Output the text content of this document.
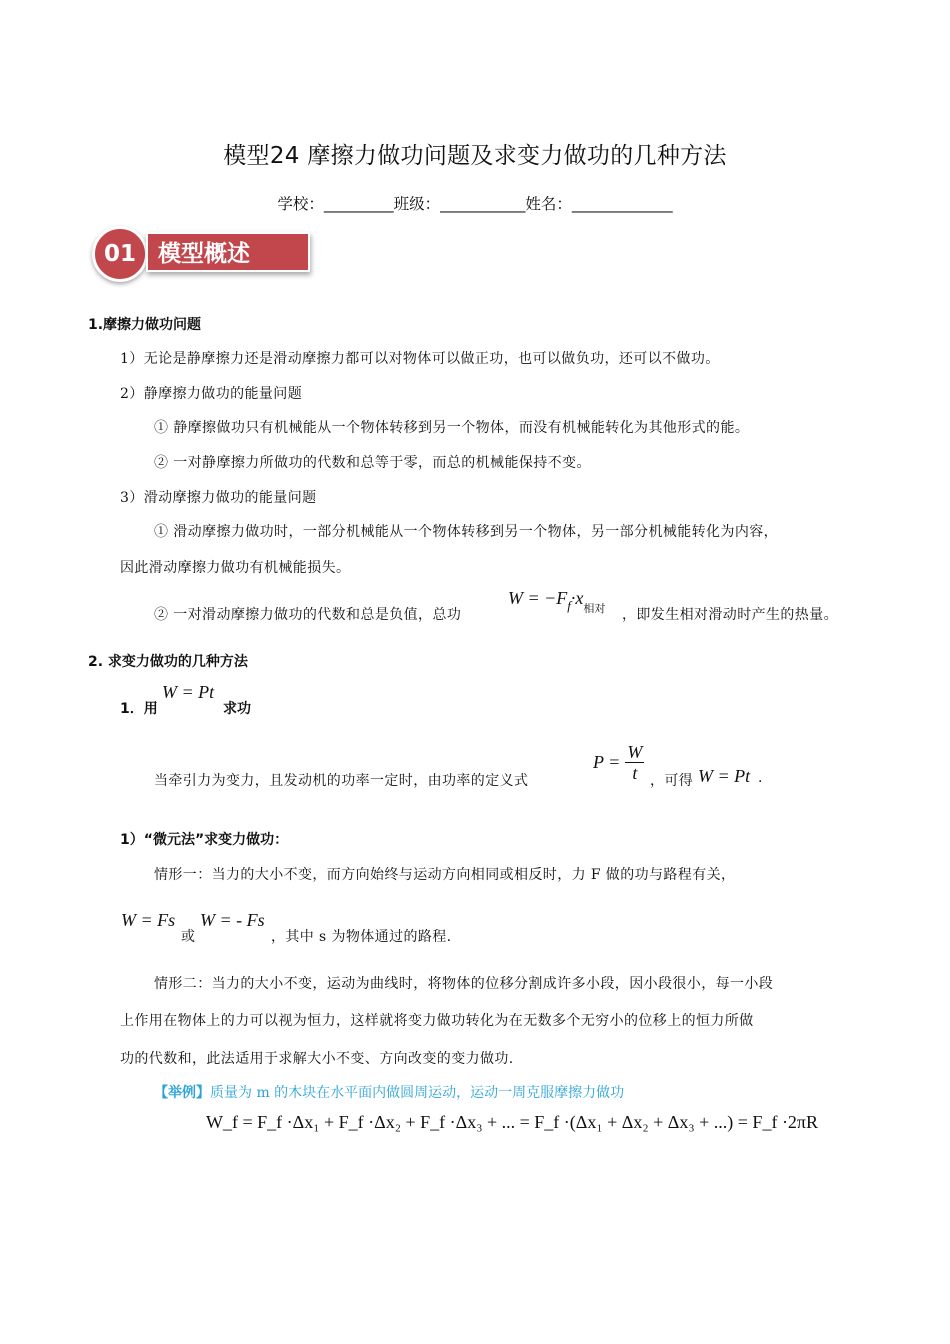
模型24 摩擦力做功问题及求变力做功的几种方法
学校：_________班级：___________姓名：_____________
01 模型概述
1.摩擦力做功问题
1）无论是静摩擦力还是滑动摩擦力都可以对物体可以做正功，也可以做负功，还可以不做功。
2）静摩擦力做功的能量问题
① 静摩擦做功只有机械能从一个物体转移到另一个物体，而没有机械能转化为其他形式的能。
② 一对静摩擦力所做功的代数和总等于零，而总的机械能保持不变。
3）滑动摩擦力做功的能量问题
① 滑动摩擦力做功时，一部分机械能从一个物体转移到另一个物体，另一部分机械能转化为内容，
因此滑动摩擦力做功有机械能损失。
② 一对滑动摩擦力做功的代数和总是负值，总功
$W = -F_f\cdot x_{相对}$ ，即发生相对滑动时产生的热量。
2. 求变力做功的几种方法
1．用
W = Pt
求功
当牵引力为变力，且发动机的功率一定时，由功率的定义式
$P = \frac{W}{t}$ ，可得 W = Pt .
1）“微元法”求变力做功：
情形一：当力的大小不变，而方向始终与运动方向相同或相反时，力 F 做的功与路程有关，
W = Fs
或
W = - Fs
，其中 s 为物体通过的路程.
情形二：当力的大小不变，运动为曲线时，将物体的位移分割成许多小段，因小段很小，每一小段
上作用在物体上的力可以视为恒力，这样就将变力做功转化为在无数多个无穷小的位移上的恒力所做
功的代数和，此法适用于求解大小不变、方向改变的变力做功.
【举例】质量为 m 的木块在水平面内做圆周运动，运动一周克服摩擦力做功
W_f = F_f ·Δx₁ + F_f ·Δx₂ + F_f ·Δx₃ + ... = F_f ·(Δx₁ + Δx₂ + Δx₃ + ...) = F_f ·2πR
